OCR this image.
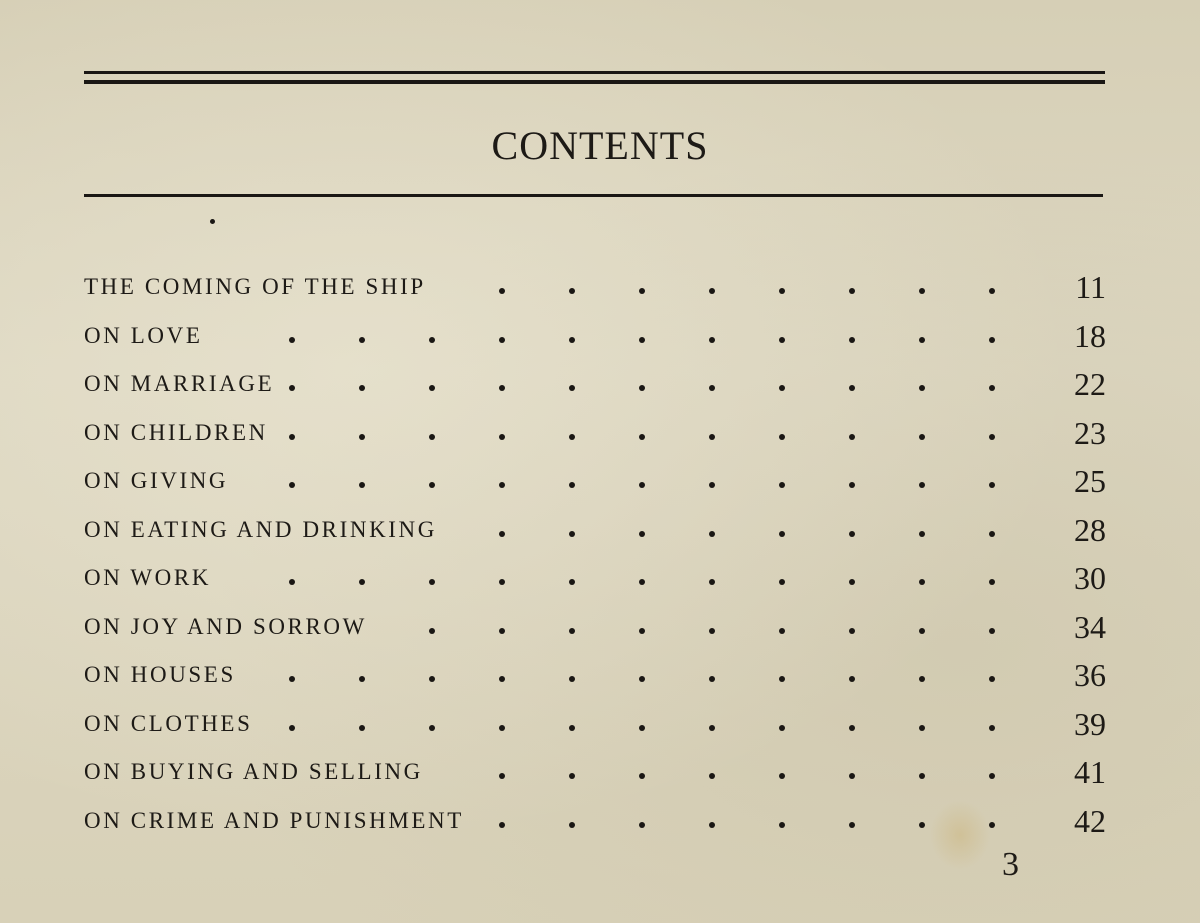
CONTENTS
THE COMING OF THE SHIP	11
ON LOVE	18
ON MARRIAGE	22
ON CHILDREN	23
ON GIVING	25
ON EATING AND DRINKING	28
ON WORK	30
ON JOY AND SORROW	34
ON HOUSES	36
ON CLOTHES	39
ON BUYING AND SELLING	41
ON CRIME AND PUNISHMENT	42
3
